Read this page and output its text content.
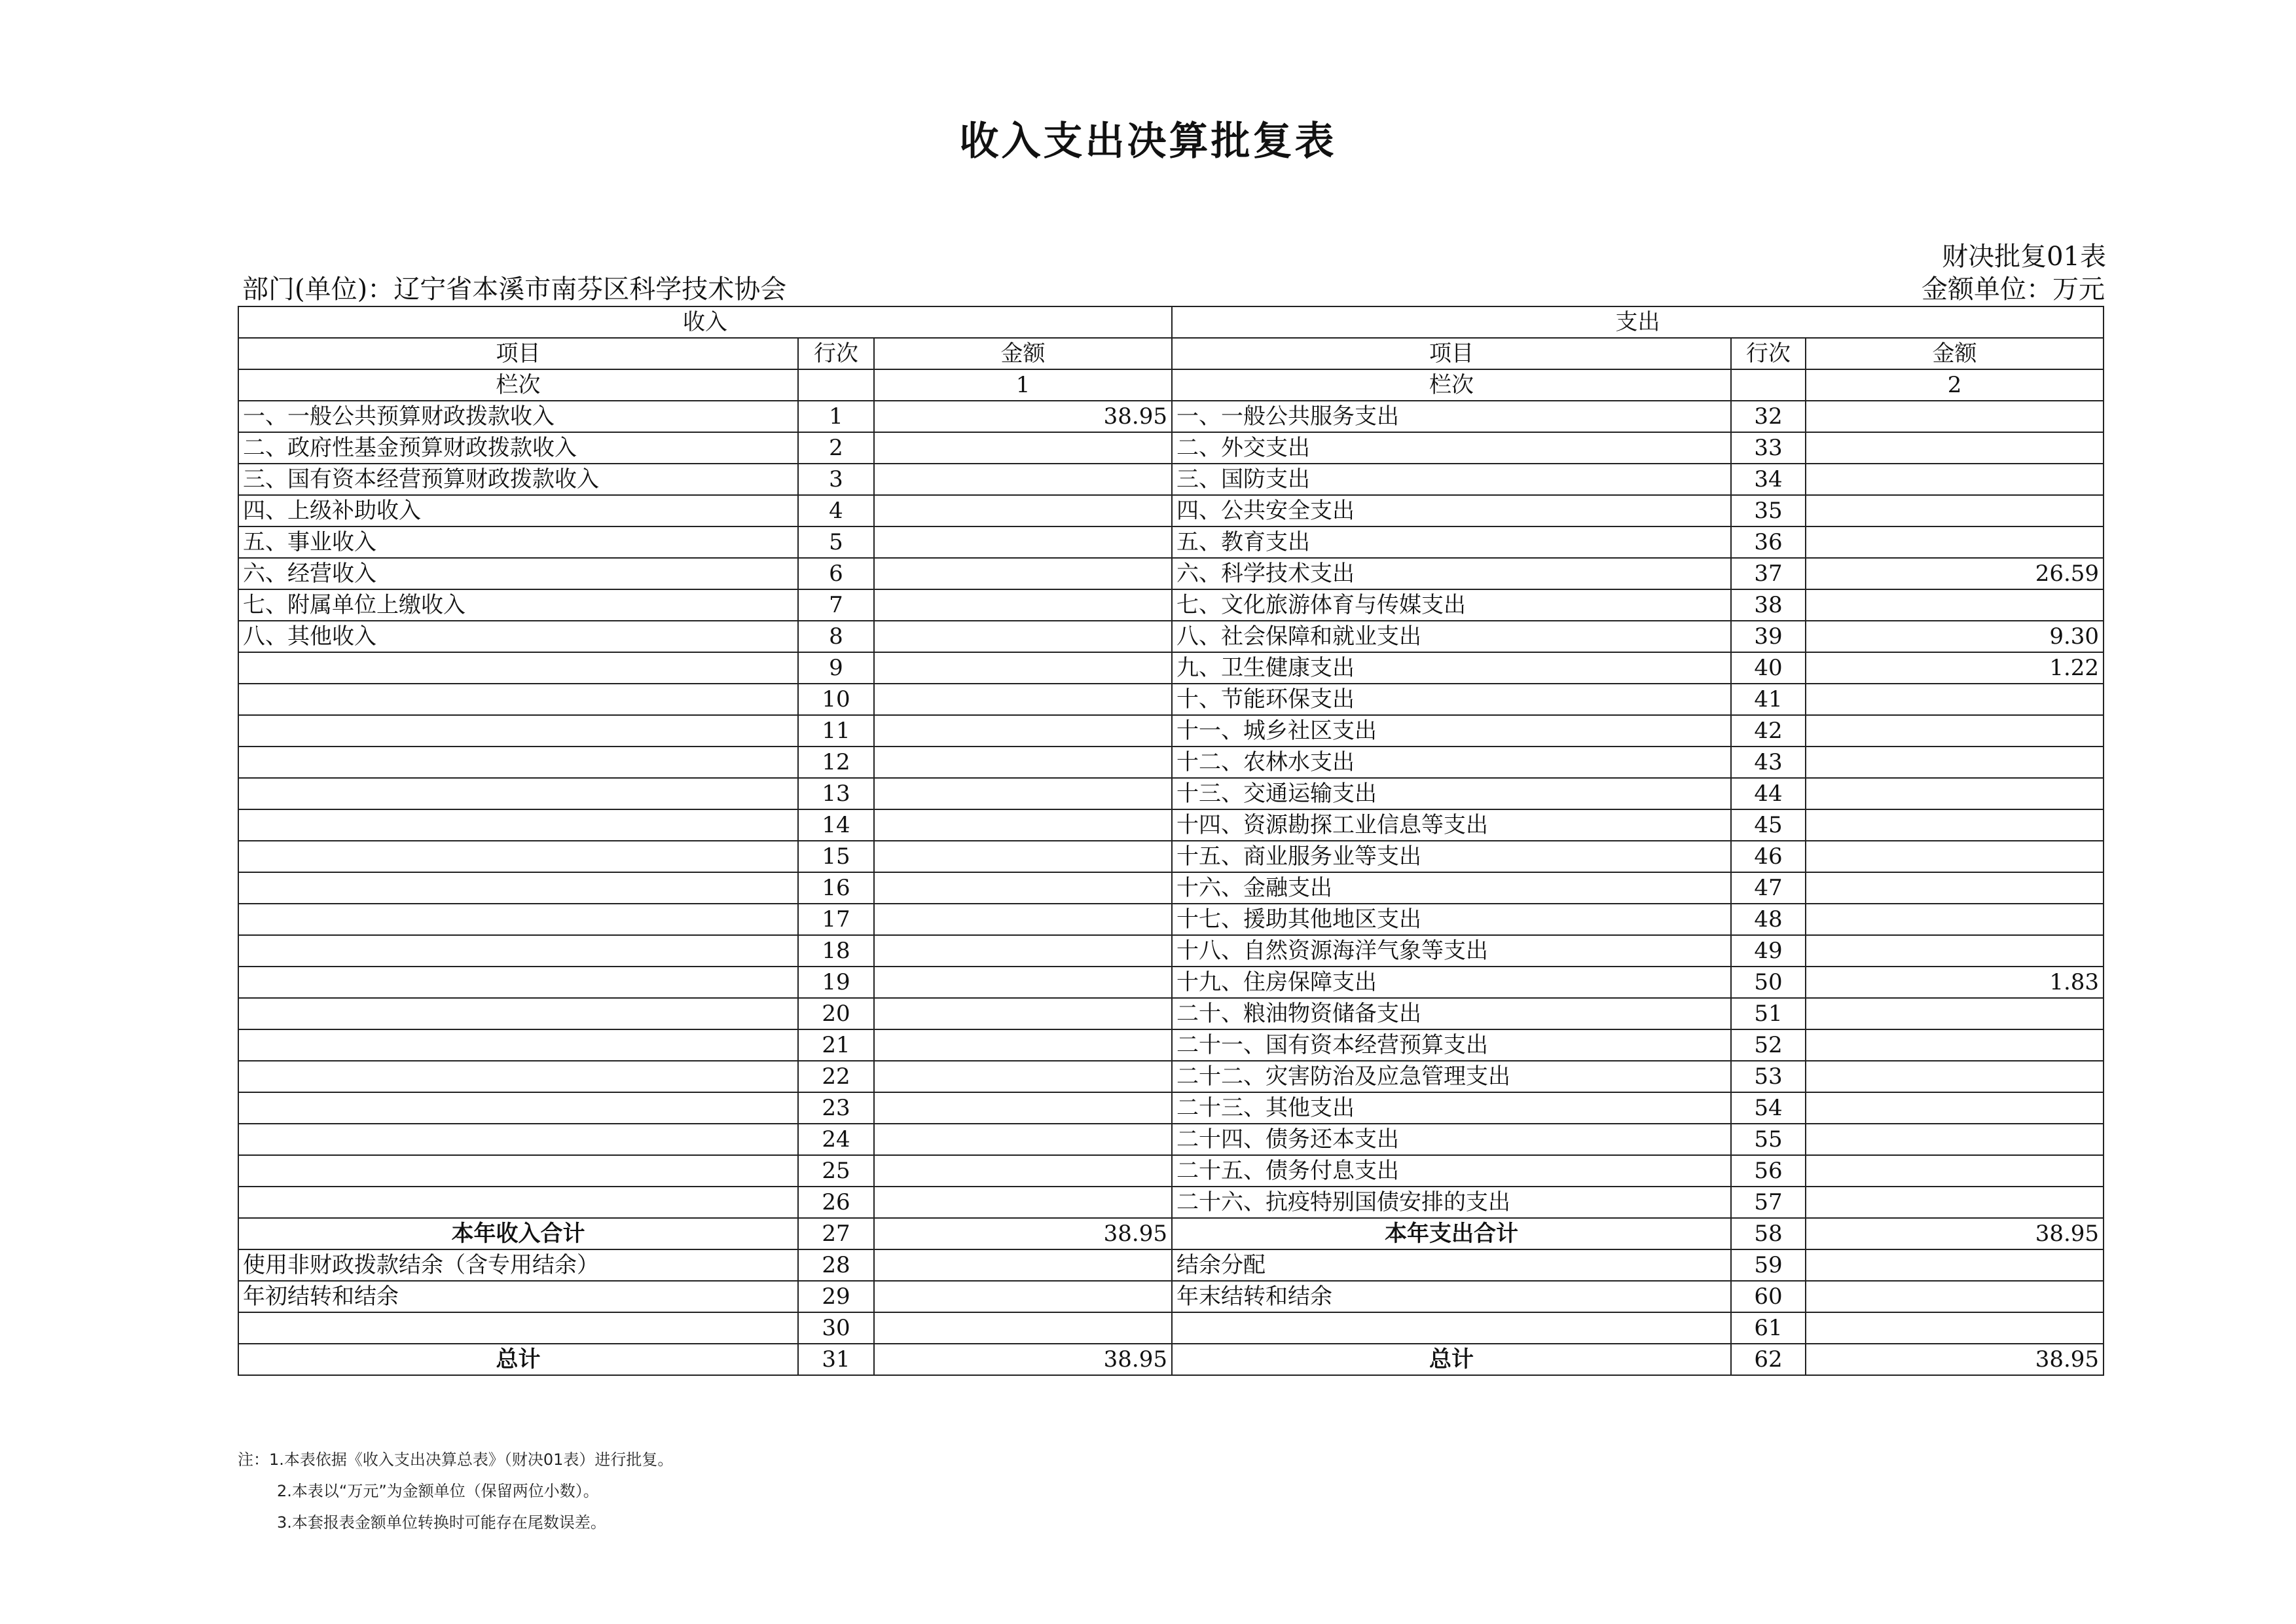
收入支出决算批复表
财决批复01表
部门(单位)：辽宁省本溪市南芬区科学技术协会	金额单位：万元
收入			支出		
项目	行次	金额	项目	行次	金额
栏次		1	栏次		2
一、一般公共预算财政拨款收入	1	38.95	一、一般公共服务支出	32	
二、政府性基金预算财政拨款收入	2		二、外交支出	33	
三、国有资本经营预算财政拨款收入	3		三、国防支出	34	
四、上级补助收入	4		四、公共安全支出	35	
五、事业收入	5		五、教育支出	36	
六、经营收入	6		六、科学技术支出	37	26.59
七、附属单位上缴收入	7		七、文化旅游体育与传媒支出	38	
八、其他收入	8		八、社会保障和就业支出	39	9.30
	9		九、卫生健康支出	40	1.22
	10		十、节能环保支出	41	
	11		十一、城乡社区支出	42	
	12		十二、农林水支出	43	
	13		十三、交通运输支出	44	
	14		十四、资源勘探工业信息等支出	45	
	15		十五、商业服务业等支出	46	
	16		十六、金融支出	47	
	17		十七、援助其他地区支出	48	
	18		十八、自然资源海洋气象等支出	49	
	19		十九、住房保障支出	50	1.83
	20		二十、粮油物资储备支出	51	
	21		二十一、国有资本经营预算支出	52	
	22		二十二、灾害防治及应急管理支出	53	
	23		二十三、其他支出	54	
	24		二十四、债务还本支出	55	
	25		二十五、债务付息支出	56	
	26		二十六、抗疫特别国债安排的支出	57	
本年收入合计	27	38.95	本年支出合计	58	38.95
使用非财政拨款结余（含专用结余）	28		结余分配	59	
年初结转和结余	29		年末结转和结余	60	
	30			61	
总计	31	38.95	总计	62	38.95
注：1.本表依据《收入支出决算总表》（财决01表）进行批复。
2.本表以“万元”为金额单位（保留两位小数）。
3.本套报表金额单位转换时可能存在尾数误差。
